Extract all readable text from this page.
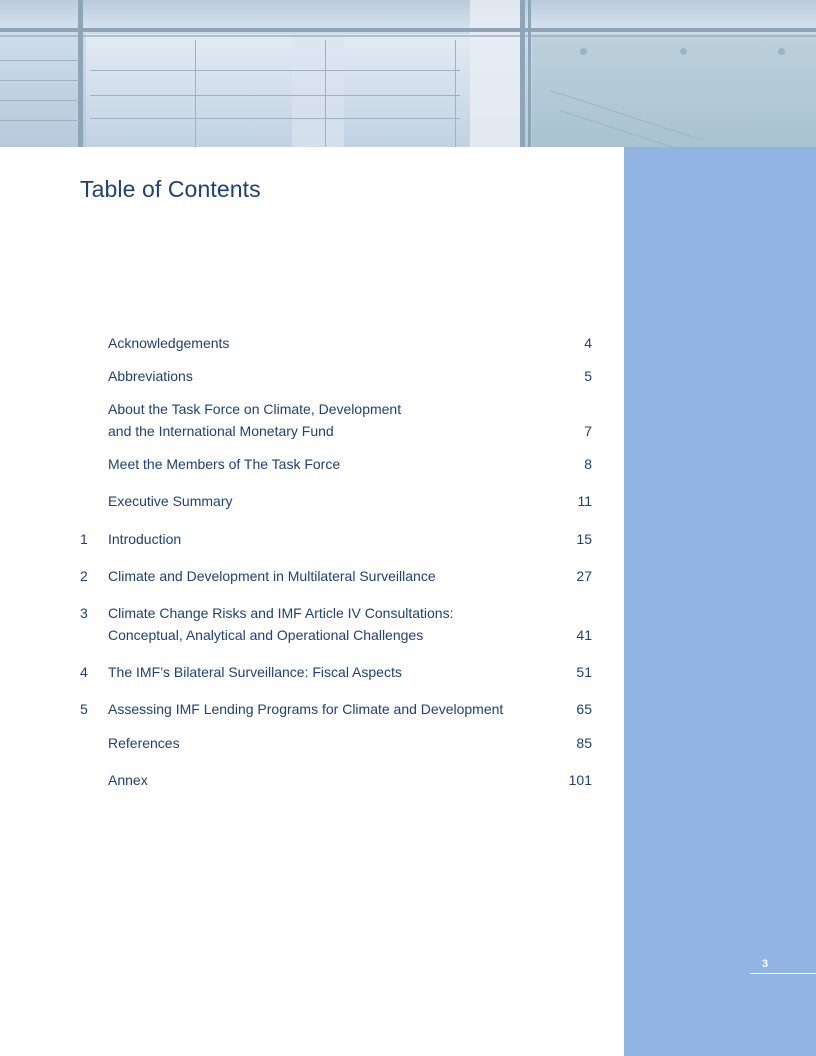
Table of Contents
Acknowledgements	4
Abbreviations	5
About the Task Force on Climate, Development
and the International Monetary Fund	7
Meet the Members of The Task Force	8
Executive Summary	11
1	Introduction	15
2	Climate and Development in Multilateral Surveillance	27
3	Climate Change Risks and IMF Article IV Consultations:
Conceptual, Analytical and Operational Challenges	41
4	The IMF’s Bilateral Surveillance: Fiscal Aspects	51
5	Assessing IMF Lending Programs for Climate and Development	65
References	85
Annex	101
3
